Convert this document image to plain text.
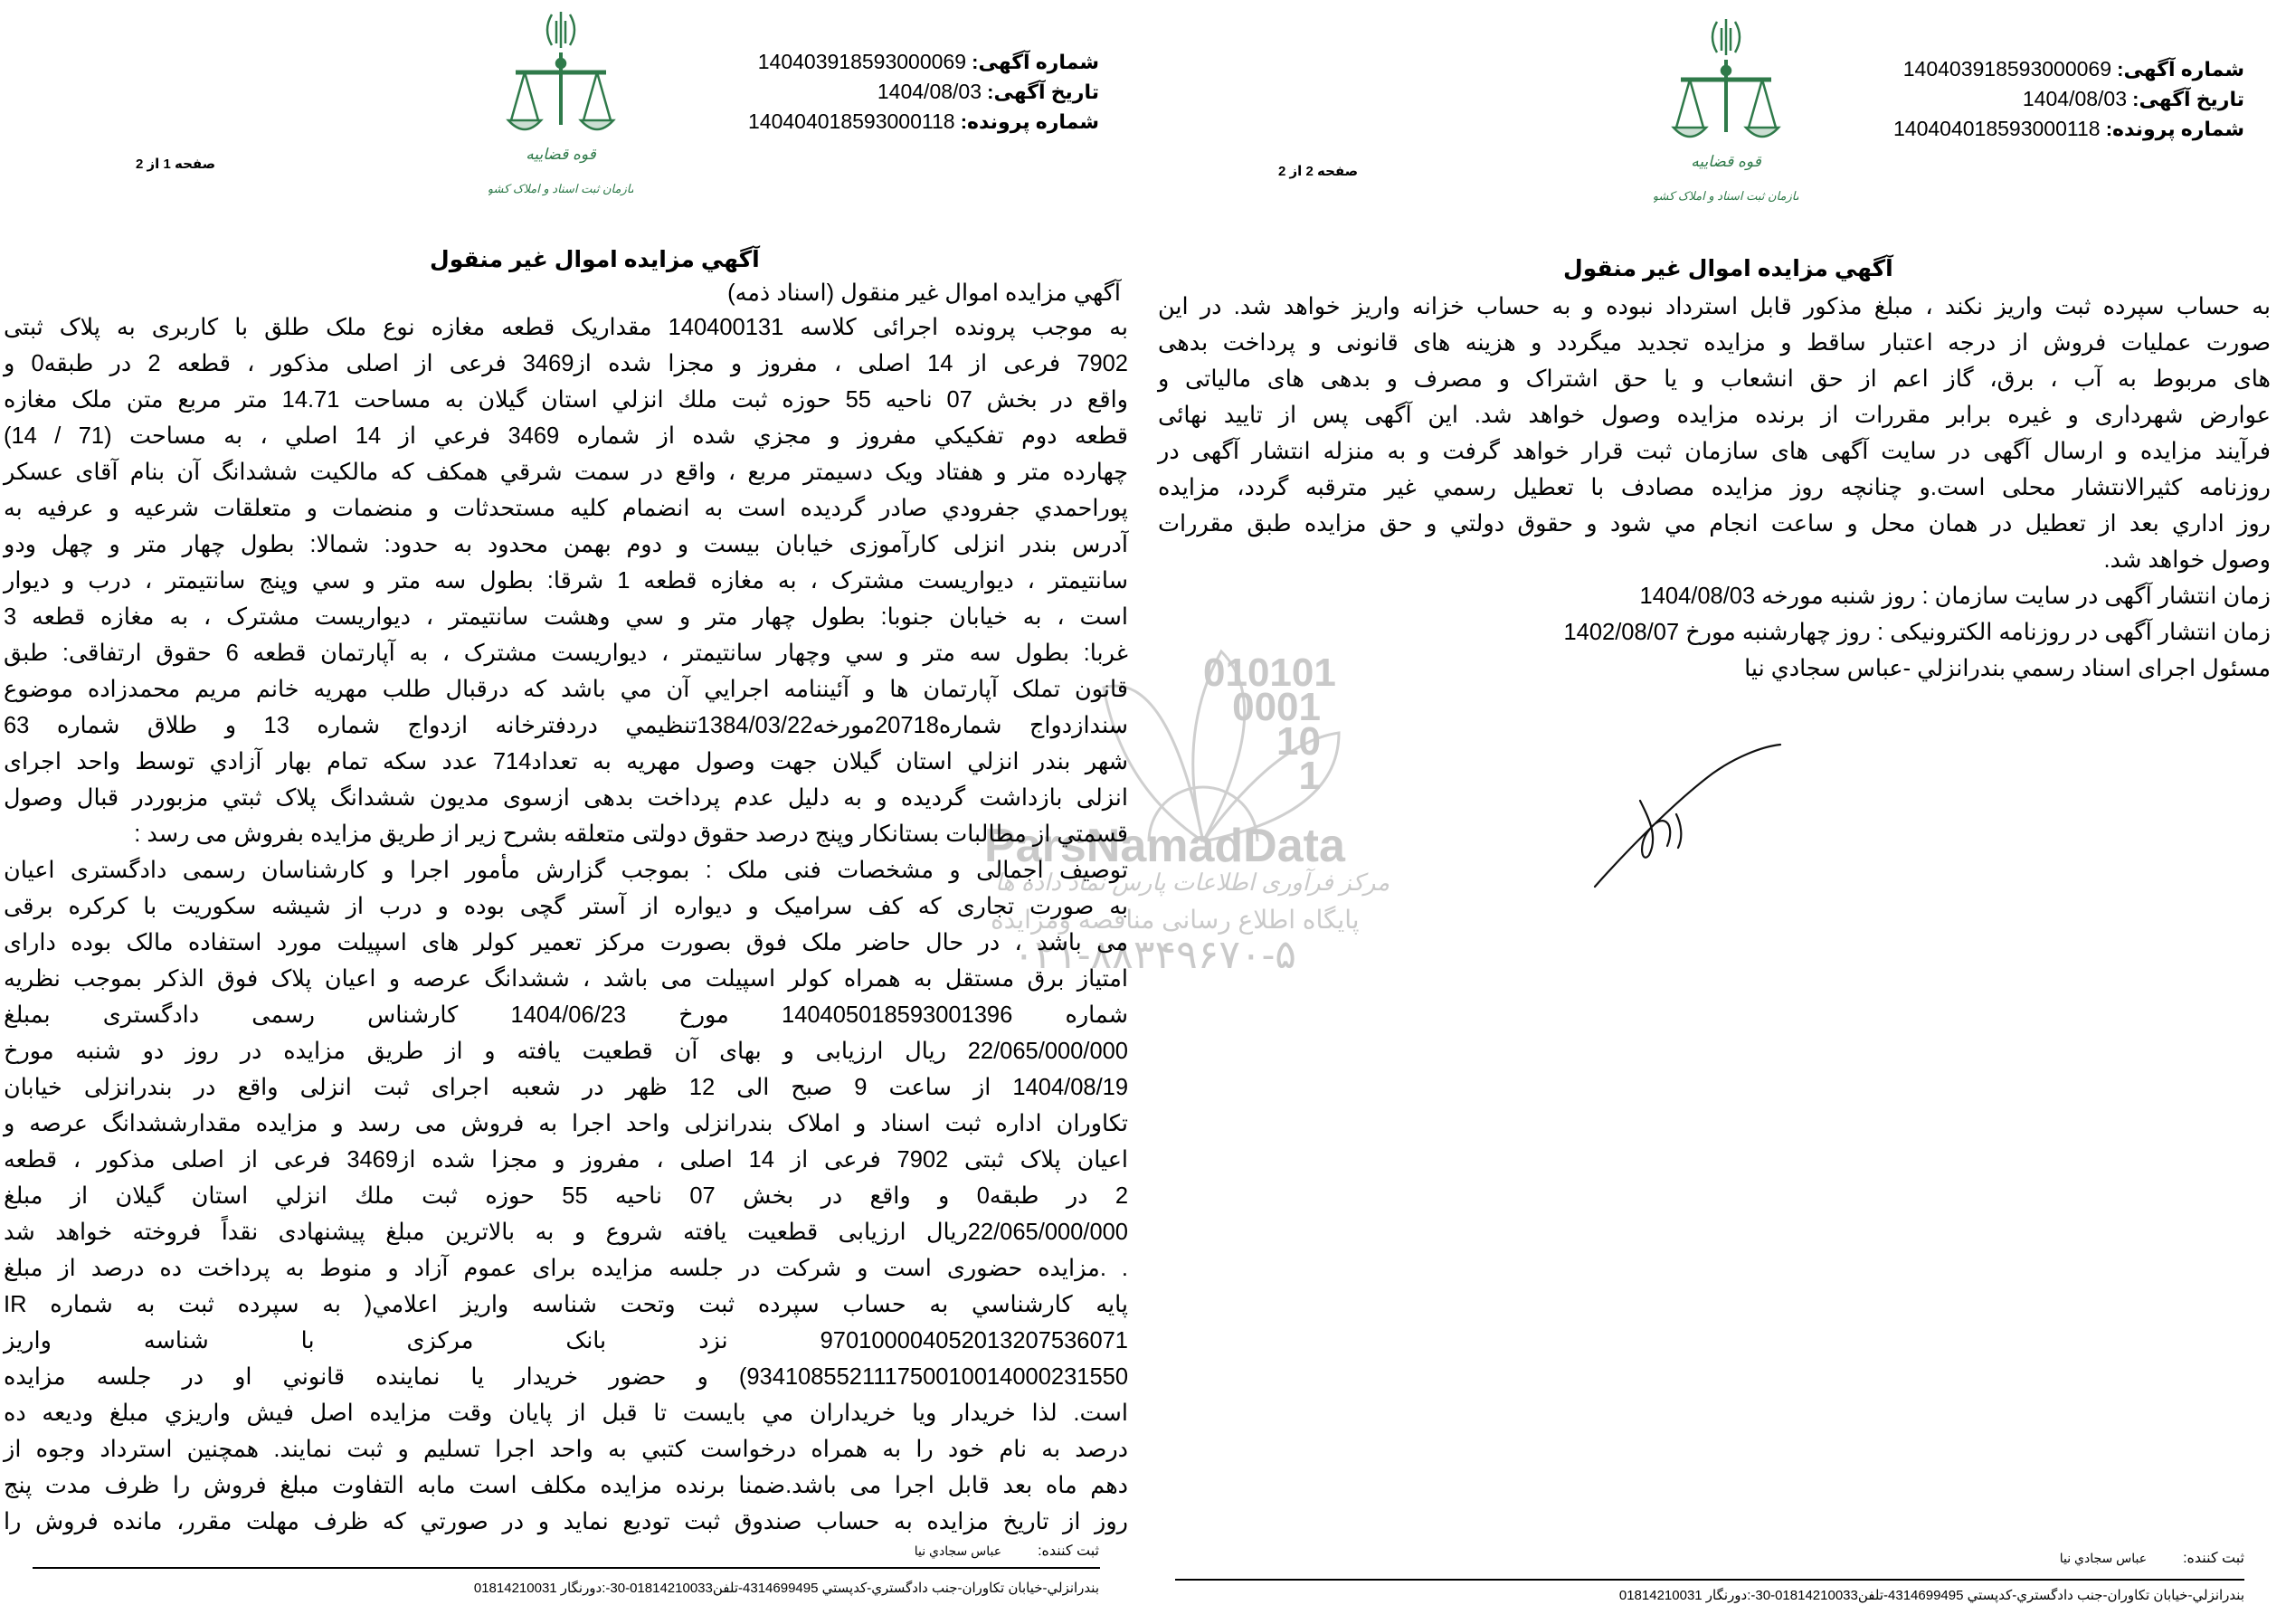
010101
0001
10
1
ParsNamadData
مرکز فرآوری اطلاعات پارس نماد داده ها
پایگاه اطلاع رسانی مناقصه ومزایده
۰۲۱-۸۸۳۴۹۶۷۰-۵
شماره آگهی: 140403918593000069
تاریخ آگهی: 1404/08/03
شماره پرونده: 140404018593000118
قوه قضاییه
سازمان ثبت اسناد و املاک کشور
صفحه 1 از 2
آگهي مزايده اموال غير منقول
آگهي مزايده اموال غير منقول (اسناد ذمه)
به موجب پرونده اجرائی کلاسه 140400131 مقداریک قطعه مغازه نوع ملک طلق با کاربری به پلاک ثبتی
7902 فرعی از 14 اصلی ، مفروز و مجزا شده از3469 فرعی از اصلی مذکور ، قطعه 2 در طبقه0 و
واقع در بخش 07 ناحیه 55 حوزه ثبت ملك انزلي استان گيلان به مساحت 14.71 متر مربع متن ملک مغازه
قطعه دوم تفکیکي مفروز و مجزي شده از شماره 3469 فرعي از 14 اصلي ، به مساحت (71 / 14)
چهارده متر و هفتاد ویک دسیمتر مربع ، واقع در سمت شرقي همکف که مالکیت ششدانگ آن بنام آقای عسکر
پوراحمدي جفرودي صادر گرديده است به انضمام کلیه مستحدثات و منضمات و متعلقات شرعیه و عرفیه به
آدرس بندر انزلی کارآموزی خیابان بیست و دوم بهمن محدود به حدود: شمالا: بطول چهار متر و چهل ودو
سانتیمتر ، دیواریست مشترک ، به مغازه قطعه 1 شرقا: بطول سه متر و سي وپنج سانتیمتر ، درب و دیوار
است ، به خیابان جنوبا: بطول چهار متر و سي وهشت سانتیمتر ، دیواریست مشترک ، به مغازه قطعه 3
غربا: بطول سه متر و سي وچهار سانتیمتر ، دیواریست مشترک ، به آپارتمان قطعه 6 حقوق ارتفاقی: طبق
قانون تملک آپارتمان ها و آئیننامه اجرایي آن مي باشد که درقبال طلب مهریه خانم مریم محمدزاده موضوع
سندازدواج شماره20718مورخه1384/03/22تنظیمي دردفترخانه ازدواج شماره 13 و طلاق شماره 63
شهر بندر انزلي استان گیلان جهت وصول مهریه به تعداد714 عدد سکه تمام بهار آزادي توسط واحد اجرای
انزلی بازداشت گرديده و به دلیل عدم پرداخت بدهی ازسوی مدیون ششدانگ پلاک ثبتي مزبوردر قبال وصول
قسمتي از مطالبات بستانکار وپنج درصد حقوق دولتی متعلقه بشرح زیر از طریق مزایده بفروش می رسد :
توصیف اجمالی و مشخصات فنی ملک : بموجب گزارش مأمور اجرا و کارشناسان رسمی دادگستری اعیان
به صورت تجاری که کف سرامیک و دیواره از آستر گچی بوده و درب از شیشه سکوریت با کرکره برقی
می باشد ، در حال حاضر ملک فوق بصورت مرکز تعمیر کولر های اسپیلت مورد استفاده مالک بوده دارای
امتیاز برق مستقل به همراه کولر اسپیلت می باشد ، ششدانگ عرصه و اعیان پلاک فوق الذکر بموجب نظریه
شماره 140405018593001396 مورخ 1404/06/23 کارشناس رسمی دادگستری بمبلغ
22/065/000/000 ریال ارزیابی و بهای آن قطعیت یافته و از طریق مزایده در روز دو شنبه مورخ
1404/08/19 از ساعت 9 صبح الی 12 ظهر در شعبه اجرای ثبت انزلی واقع در بندرانزلی خیابان
تکاوران اداره ثبت اسناد و املاک بندرانزلی واحد اجرا به فروش می رسد و مزایده مقدارششدانگ عرصه و
اعیان پلاک ثبتی 7902 فرعی از 14 اصلی ، مفروز و مجزا شده از3469 فرعی از اصلی مذکور ، قطعه
2 در طبقه0 و واقع در بخش 07 ناحیه 55 حوزه ثبت ملك انزلي استان گيلان از مبلغ
22/065/000/000ریال ارزیابی قطعیت یافته شروع و به بالاترین مبلغ پیشنهادی نقداً فروخته خواهد شد
. .مزایده حضوری است و شرکت در جلسه مزایده برای عموم آزاد و منوط به پرداخت ده درصد از مبلغ
پایه کارشناسي به حساب سپرده ثبت وتحت شناسه واریز اعلامي( به سپرده ثبت به شماره IR
970100004052013207536071 نزد بانک مرکزی با شناسه واریز
934108552111750010014000231550) و حضور خریدار یا نماینده قانوني او در جلسه مزایده
است. لذا خریدار ویا خریداران مي بایست تا قبل از پایان وقت مزایده اصل فیش واریزي مبلغ ودیعه ده
درصد به نام خود را به همراه درخواست کتبي به واحد اجرا تسلیم و ثبت نمایند. همچنین استرداد وجوه از
دهم ماه بعد قابل اجرا می باشد.ضمنا برنده مزایده مکلف است مابه التفاوت مبلغ فروش را ظرف مدت پنج
روز از تاریخ مزایده به حساب صندوق ثبت تودیع نماید و در صورتي که ظرف مهلت مقرر، مانده فروش را
ثبت کننده:عباس سجادي نيا
بندرانزلي-خيابان تكاوران-جنب دادگستري-كدپستي 4314699495-تلفن01814210033-30-:دورنگار 01814210031
شماره آگهی: 140403918593000069
تاریخ آگهی: 1404/08/03
شماره پرونده: 140404018593000118
قوه قضاییه
سازمان ثبت اسناد و املاک کشور
صفحه 2 از 2
آگهي مزايده اموال غير منقول
به حساب سپرده ثبت واریز نکند ، مبلغ مذکور قابل استرداد نبوده و به حساب خزانه واریز خواهد شد. در این
صورت عملیات فروش از درجه اعتبار ساقط و مزایده تجدید میگردد و هزینه های قانونی و پرداخت بدهی
های مربوط به آب ، برق، گاز اعم از حق انشعاب و یا حق اشتراک و مصرف و بدهی های مالیاتی و
عوارض شهرداری و غیره برابر مقررات از برنده مزایده وصول خواهد شد. این آگهی پس از تایید نهائی
فرآیند مزایده و ارسال آگهی در سایت آگهی های سازمان ثبت قرار خواهد گرفت و به منزله انتشار آگهی در
روزنامه کثیرالانتشار محلی است.و چنانچه روز مزایده مصادف با تعطیل رسمي غیر مترقبه گردد، مزایده
روز اداري بعد از تعطیل در همان محل و ساعت انجام مي شود و حقوق دولتي و حق مزایده طبق مقررات
وصول خواهد شد.
زمان انتشار آگهی در سایت سازمان : روز شنبه مورخه 1404/08/03
زمان انتشار آگهی در روزنامه الکترونیکی : روز چهارشنبه مورخ 1402/08/07
مسئول اجرای اسناد رسمي بندرانزلي -عباس سجادي نیا
ثبت کننده:عباس سجادي نيا
بندرانزلي-خيابان تكاوران-جنب دادگستري-كدپستي 4314699495-تلفن01814210033-30-:دورنگار 01814210031
